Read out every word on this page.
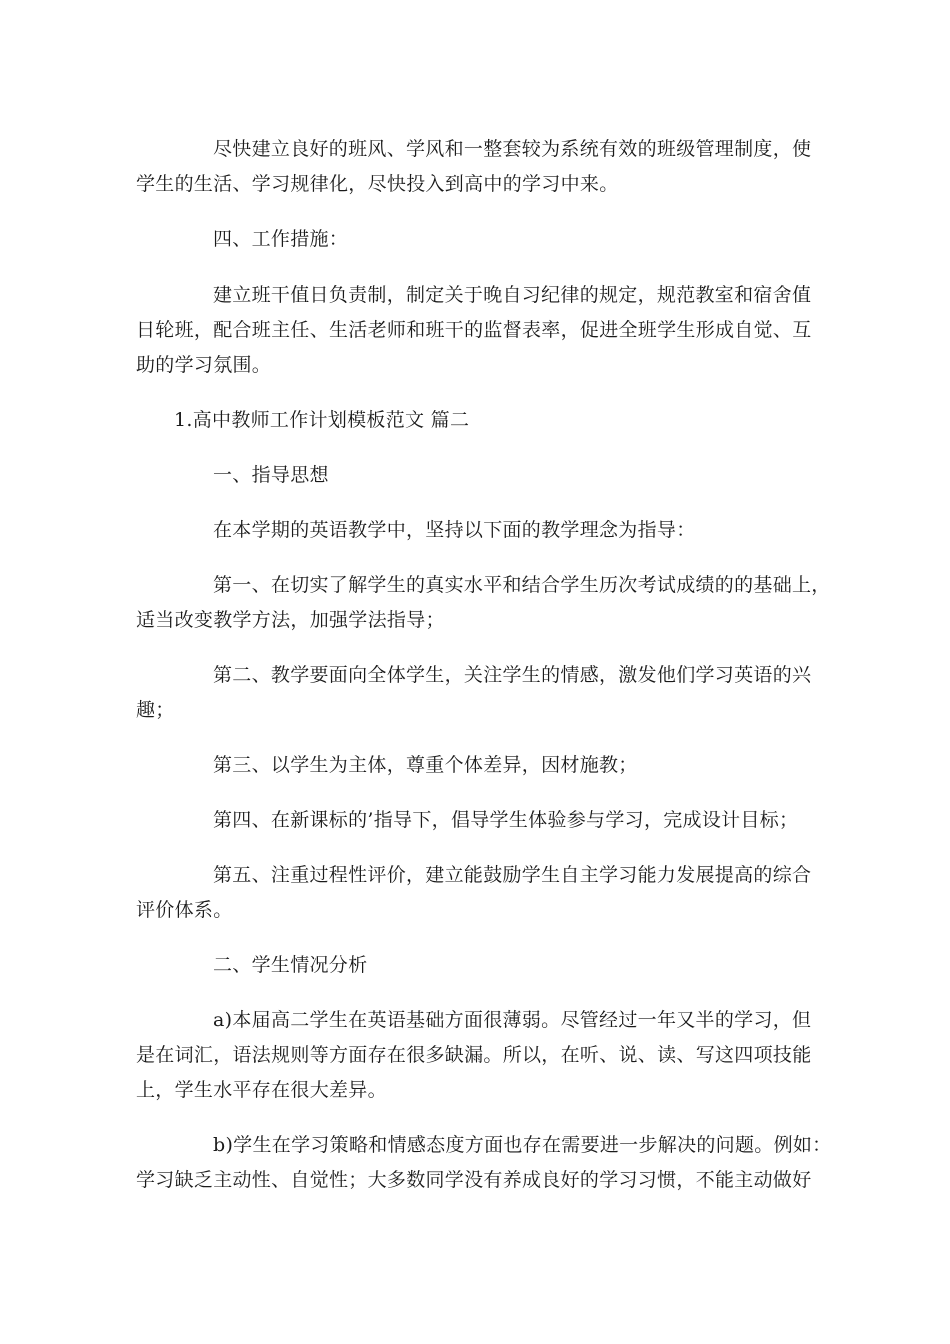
尽快建立良好的班风、学风和一整套较为系统有效的班级管理制度，使
学生的生活、学习规律化，尽快投入到高中的学习中来。
四、工作措施：
建立班干值日负责制，制定关于晚自习纪律的规定，规范教室和宿舍值
日轮班，配合班主任、生活老师和班干的监督表率，促进全班学生形成自觉、互
助的学习氛围。
1.高中教师工作计划模板范文 篇二
一、指导思想
在本学期的英语教学中，坚持以下面的教学理念为指导：
第一、在切实了解学生的真实水平和结合学生历次考试成绩的的基础上，
适当改变教学方法，加强学法指导；
第二、教学要面向全体学生，关注学生的情感，激发他们学习英语的兴
趣；
第三、以学生为主体，尊重个体差异，因材施教；
第四、在新课标的’指导下，倡导学生体验参与学习，完成设计目标；
第五、注重过程性评价，建立能鼓励学生自主学习能力发展提高的综合
评价体系。
二、学生情况分析
a)本届高二学生在英语基础方面很薄弱。尽管经过一年又半的学习，但
是在词汇，语法规则等方面存在很多缺漏。所以，在听、说、读、写这四项技能
上，学生水平存在很大差异。
b)学生在学习策略和情感态度方面也存在需要进一步解决的问题。例如：
学习缺乏主动性、自觉性；大多数同学没有养成良好的学习习惯，不能主动做好
